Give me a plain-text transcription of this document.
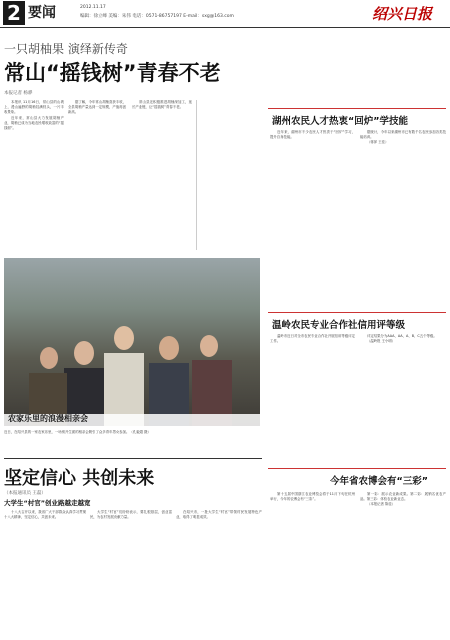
2 要闻	2012.11.17
编辑：徐立峰 美编：朱伟 电话：0571-86757197 E-mail：sxg@163.com	绍兴日报
一只胡柚果 演绎新传奇
常山“摇钱树”青春不老
本报记者 杨骅

本报讯 11月16日，常山县的山坡上，漫山遍野的胡柚挂满枝头，一片丰收景象。

近年来，常山县大力发展胡柚产业，胡柚已成为当地农民增收致富的“摇钱树”。

据了解，今年常山胡柚喜获丰收，全县胡柚产量达到一定规模，产值再创新高。

常山县还积极推进胡柚深加工，延长产业链，让“摇钱树”青春不老。

农家乐里的浪漫相亲会
近日，在绍兴县的一家农家乐里，一场别开生面的相亲会吸引了众多青年男女参加。（孔毅超 摄）
湖州农民人才热衷“回炉”学技能

近年来，湖州市不少农民人才热衷于“回炉”学习，提升自身技能。

据统计，今年以来湖州市已有数千名农民参加各类技能培训。

（蒋萍 王佳）

温岭农民专业合作社信用评等级

温岭市近日对全市农民专业合作社开展信用等级评定工作。

评定结果分为AAA、AA、A、B、C五个等级。

（温岭报 王小明）

今年省农博会有“三彩”

第十五届中国浙江农业博览会将于11月下旬在杭州举行，今年的农博会有“三彩”。

第一彩：展示农业新成果。第二彩：展销名优农产品。第三彩：体验农业新业态。

（本报记者 陈佳）

坚定信心 共创未来
（本报通讯员 王磊）
大学生“村官”创业路越走越宽

十八大召开以来，我省广大干部群众认真学习贯彻十八大精神，坚定信心，共创未来。

大学生“村官”们纷纷表示，要扎根基层，创业富民，为农村发展贡献力量。

在绍兴市，一批大学生“村官”带领村民发展特色产业，取得了明显成效。
